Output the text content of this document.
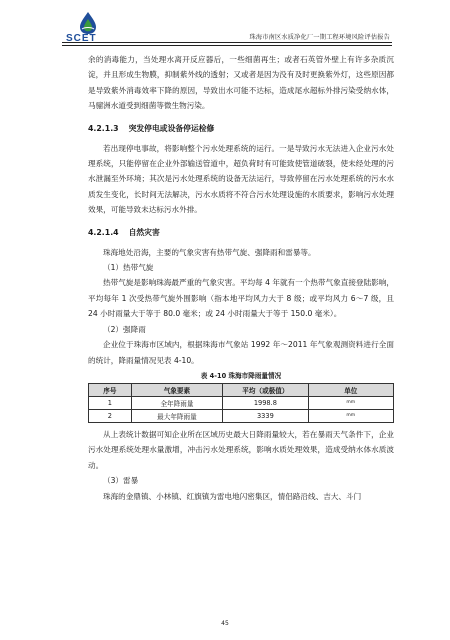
SCET	珠海市南区水质净化厂一期工程环境风险评估报告

余的消毒能力，当处理水离开反应器后，一些细菌再生；或者石英管外壁上有许多杂质沉淀，并且形成生物膜，抑制紫外线的透射；又或者是因为没有及时更换紫外灯，这些原因都是导致紫外消毒效率下降的原因，导致出水可能不达标，造成尾水超标外排污染受纳水体，马骝洲水道受到细菌等微生物污染。

4.2.1.3 突发停电或设备停运检修

若出现停电事故，将影响整个污水处理系统的运行。一是导致污水无法进入企业污水处理系统，只能停留在企业外部输送管道中，超负荷时有可能致使管道破裂，使未经处理的污水泄漏至外环境；其次是污水处理系统的设备无法运行，导致停留在污水处理系统的污水水质发生变化，长时间无法解决，污水水质将不符合污水处理设施的水质要求，影响污水处理效果，可能导致未达标污水外排。

4.2.1.4 自然灾害

珠海地处沿海，主要的气象灾害有热带气旋、强降雨和雷暴等。

（1）热带气旋

热带气旋是影响珠海最严重的气象灾害。平均每 4 年就有一个热带气象直接登陆影响，平均每年 1 次受热带气旋外围影响（指本地平均风力大于 8 级；或平均风力 6～7 级，且 24 小时雨量大于等于 80.0 毫米；或 24 小时雨量大于等于 150.0 毫米）。

（2）强降雨

企业位于珠海市区域内，根据珠海市气象站 1992 年～2011 年气象观测资料进行全面的统计，降雨量情况见表 4-10。

表 4-10 珠海市降雨量情况
序号	气象要素	平均（或极值）	单位
1	全年降雨量	1998.8	mm
2	最大年降雨量	3339	mm

从上表统计数据可知企业所在区域历史最大日降雨量较大，若在暴雨天气条件下，企业污水处理系统处理水量激增，冲击污水处理系统，影响水质处理效果，造成受纳水体水质波动。

（3）雷暴

珠海的金鼎镇、小林镇、红旗镇为雷电地闪密集区，情侣路沿线、吉大、斗门

45
